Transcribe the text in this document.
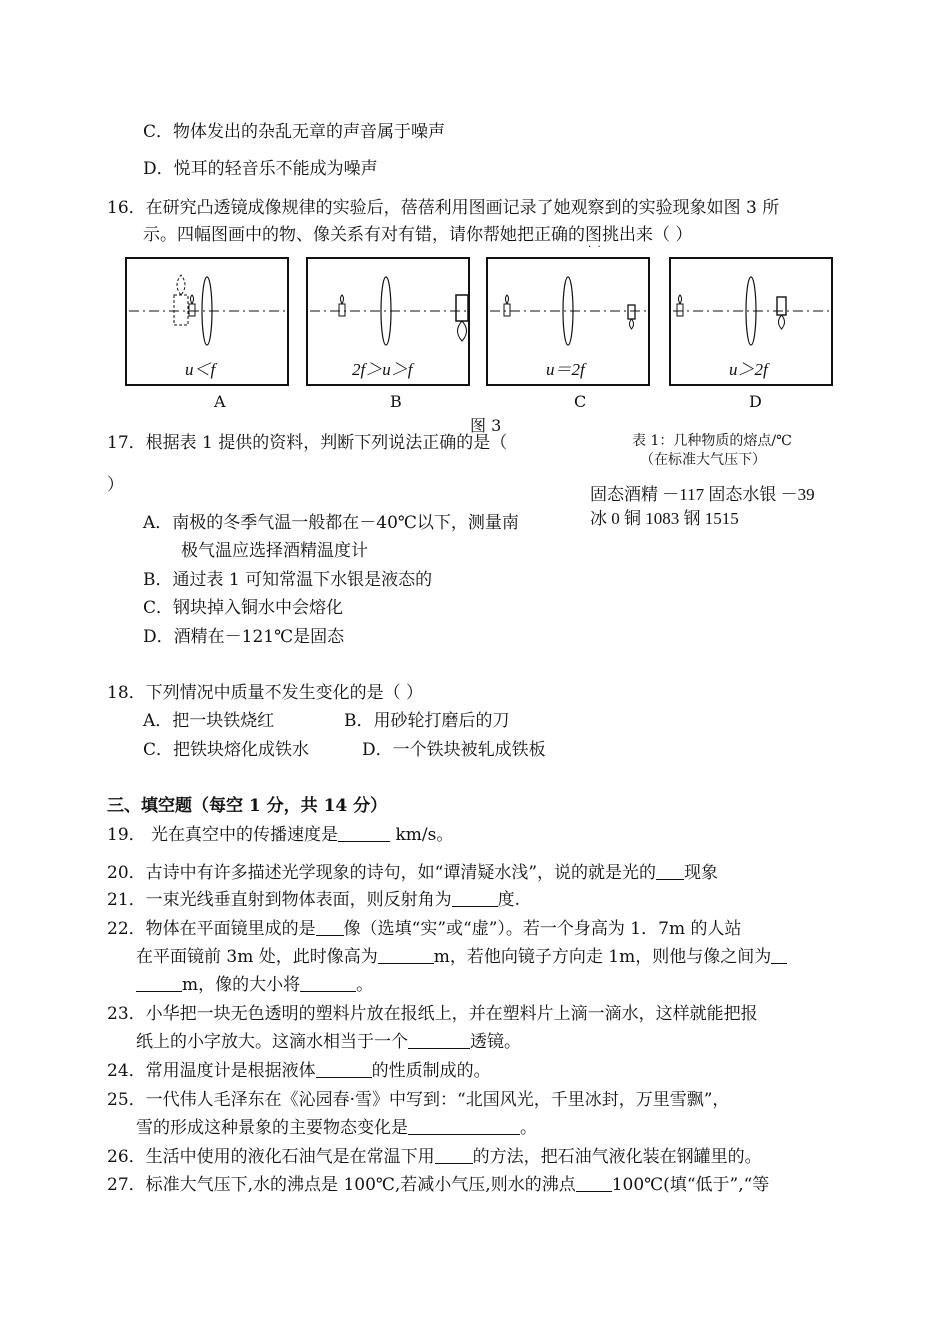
C．物体发出的杂乱无章的声音属于噪声
D．悦耳的轻音乐不能成为噪声
16．在研究凸透镜成像规律的实验后，蓓蓓利用图画记录了她观察到的实验现象如图 3 所
示。四幅图画中的物、像关系有对有错，请你帮她把正确的图挑出来（ ）
·  ·
u＜f	2f＞u＞f	u＝2f	u＞2f
A	B	C	D
图 3
17．根据表 1 提供的资料，判断下列说法正确的是（
）
A．南极的冬季气温一般都在－40℃以下，测量南
极气温应选择酒精温度计
B．通过表 1 可知常温下水银是液态的
C．钢块掉入铜水中会熔化
D．酒精在－121℃是固态
表 1：几种物质的熔点/℃
（在标准大气压下）
固态酒精 －117 固态水银 －39
冰 0 铜 1083 钢 1515
18．下列情况中质量不发生变化的是（ ）
A．把一块铁烧红	B．用砂轮打磨后的刀
C．把铁块熔化成铁水	D．一个铁块被轧成铁板
三、填空题（每空 1 分，共 14 分）
19． 光在真空中的传播速度是	km/s。
20．古诗中有许多描述光学现象的诗句，如“谭清疑水浅”，说的就是光的 现象
21．一束光线垂直射到物体表面，则反射角为	度.
22．物体在平面镜里成的是 像（选填“实”或“虚”）。若一个身高为 1．7m 的人站
在平面镜前 3m 处，此时像高为	m，若他向镜子方向走 1m，则他与像之间为
m，像的大小将	。
23．小华把一块无色透明的塑料片放在报纸上，并在塑料片上滴一滴水，这样就能把报
纸上的小字放大。这滴水相当于一个	透镜。
24．常用温度计是根据液体	的性质制成的。
25．一代伟人毛泽东在《沁园春·雪》中写到：“北国风光，千里冰封，万里雪飘”，
雪的形成这种景象的主要物态变化是	。
26．生活中使用的液化石油气是在常温下用 的方法，把石油气液化装在钢罐里的。
27．标准大气压下,水的沸点是 100℃,若减小气压,则水的沸点 100℃(填“低于”,“等
